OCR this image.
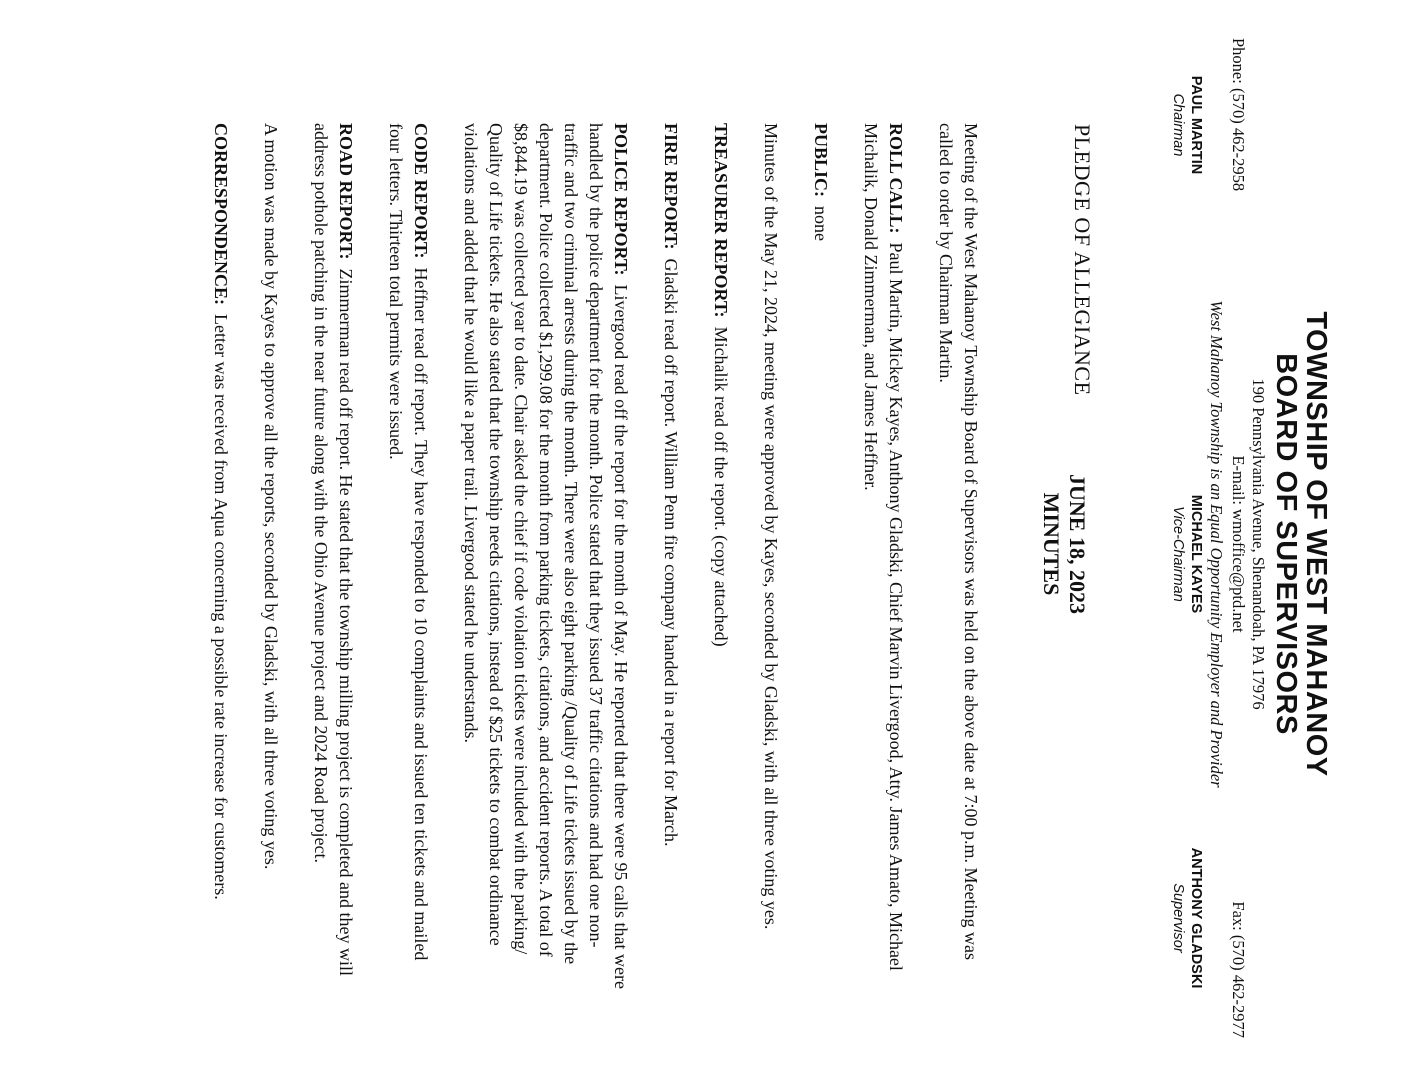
TOWNSHIP OF WEST MAHANOY
BOARD OF SUPERVISORS
190 Pennsylvania Avenue, Shenandoah, PA 17976
Phone: (570) 462-2958
E-mail: wmoffice@ptd.net
Fax: (570) 462-2977
West Mahanoy Township is an Equal Opportunity Employer and Provider
PAUL MARTIN
Chairman
MICHAEL KAYES
Vice-Chairman
ANTHONY GLADSKI
Supervisor
JUNE 18, 2023
MINUTES
PLEDGE OF ALLEGIANCE

Meeting of the West Mahanoy Township Board of Supervisors was held on the above date at 7:00 p.m. Meeting was called to order by Chairman Martin.

ROLL CALL:  Paul Martin, Mickey Kayes, Anthony Gladski, Chief Marvin Livergood, Atty. James Amato, Michael Michalik, Donald Zimmerman, and James Heffner.

PUBLIC:  none

Minutes of the May 21, 2024, meeting were approved by Kayes, seconded by Gladski, with all three voting yes.

TREASURER REPORT:  Michalik read off the report. (copy attached)

FIRE REPORT:  Gladski read off report. William Penn fire company handed in a report for March.

POLICE REPORT:  Livergood read off the report for the month of May. He reported that there were 95 calls that were handled by the police department for the month. Police stated that they issued 37 traffic citations and had one non-traffic and two criminal arrests during the month. There were also eight parking /Quality of Life tickets issued by the department. Police collected $1,299.08 for the month from parking tickets, citations, and accident reports. A total of $8,844.19 was collected year to date. Chair asked the chief if code violation tickets were included with the parking/ Quality of Life tickets. He also stated that the township needs citations, instead of $25 tickets to combat ordinance violations and added that he would like a paper trail. Livergood stated he understands.

CODE REPORT:  Heffner read off report. They have responded to 10 complaints and issued ten tickets and mailed four letters. Thirteen total permits were issued.

ROAD REPORT:  Zimmerman read off report. He stated that the township milling project is completed and they will address pothole patching in the near future along with the Ohio Avenue project and 2024 Road project.

A motion was made by Kayes to approve all the reports, seconded by Gladski, with all three voting yes.

CORRESPONDENCE:  Letter was received from Aqua concerning a possible rate increase for customers.
